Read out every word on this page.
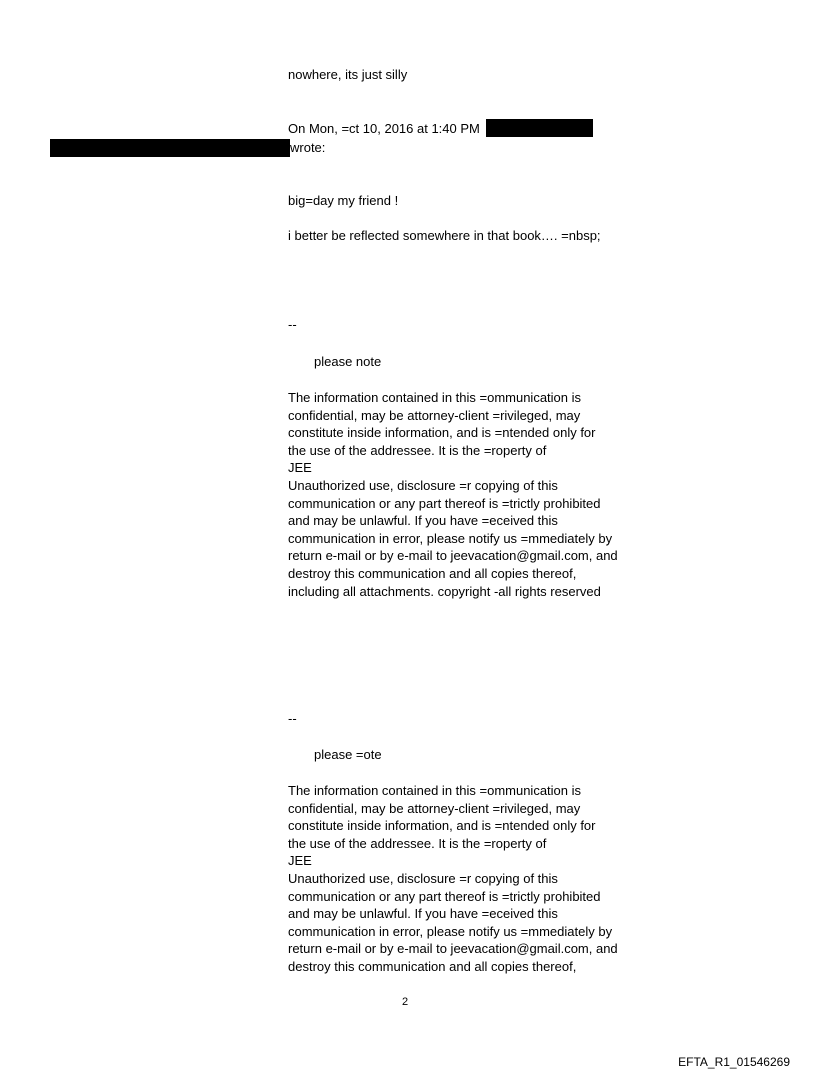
nowhere, its just silly
On Mon, =ct 10, 2016 at 1:40 PM
wrote:
big=day my friend !
i better be reflected somewhere in that book…. =nbsp;
--
please note
The information contained in this =ommunication is
confidential, may be attorney-client =rivileged, may
constitute inside information, and is =ntended only for
the use of the addressee. It is the =roperty of
JEE
Unauthorized use, disclosure =r copying of this
communication or any part thereof is =trictly prohibited
and may be unlawful. If you have =eceived this
communication in error, please notify us =mmediately by
return e-mail or by e-mail to jeevacation@gmail.com, and
destroy this communication and all copies thereof,
including all attachments. copyright -all rights reserved
--
please =ote
The information contained in this =ommunication is
confidential, may be attorney-client =rivileged, may
constitute inside information, and is =ntended only for
the use of the addressee. It is the =roperty of
JEE
Unauthorized use, disclosure =r copying of this
communication or any part thereof is =trictly prohibited
and may be unlawful. If you have =eceived this
communication in error, please notify us =mmediately by
return e-mail or by e-mail to jeevacation@gmail.com, and
destroy this communication and all copies thereof,
2
EFTA_R1_01546269
